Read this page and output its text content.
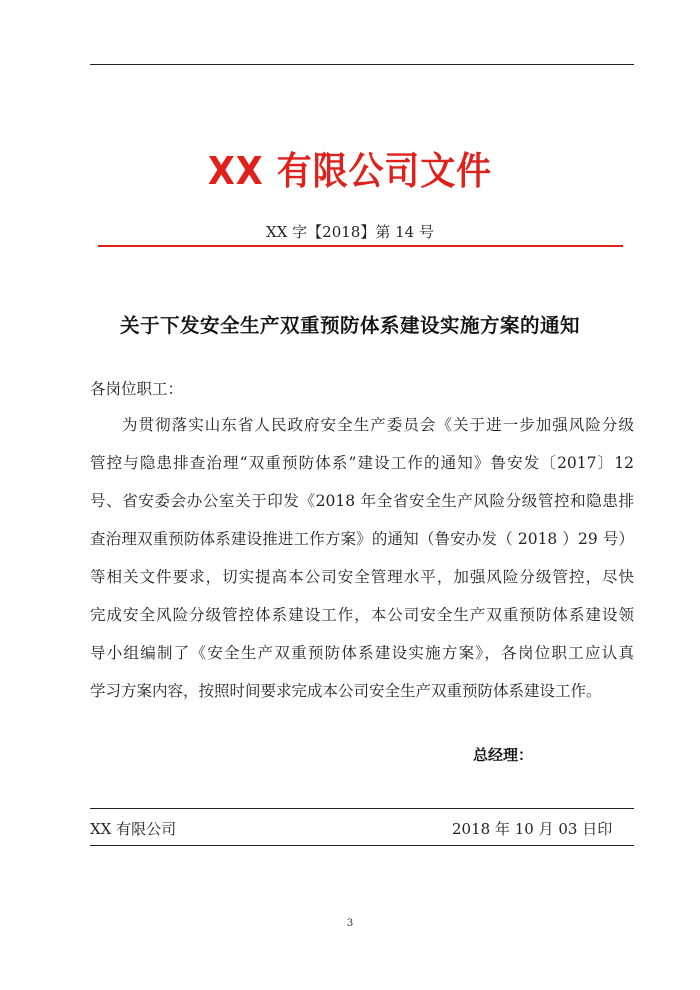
XX 有限公司文件
XX 字【2018】第 14 号
关于下发安全生产双重预防体系建设实施方案的通知
各岗位职工：
为贯彻落实山东省人民政府安全生产委员会《关于进一步加强风险分级
管控与隐患排查治理“双重预防体系”建设工作的通知》鲁安发〔2017〕12
号、省安委会办公室关于印发《2018 年全省安全生产风险分级管控和隐患排
查治理双重预防体系建设推进工作方案》的通知（鲁安办发（ 2018 ）29 号）
等相关文件要求，切实提高本公司安全管理水平，加强风险分级管控，尽快
完成安全风险分级管控体系建设工作，本公司安全生产双重预防体系建设领
导小组编制了《安全生产双重预防体系建设实施方案》，各岗位职工应认真
学习方案内容，按照时间要求完成本公司安全生产双重预防体系建设工作。
总经理：
XX 有限公司	2018 年 10 月 03 日印
3
